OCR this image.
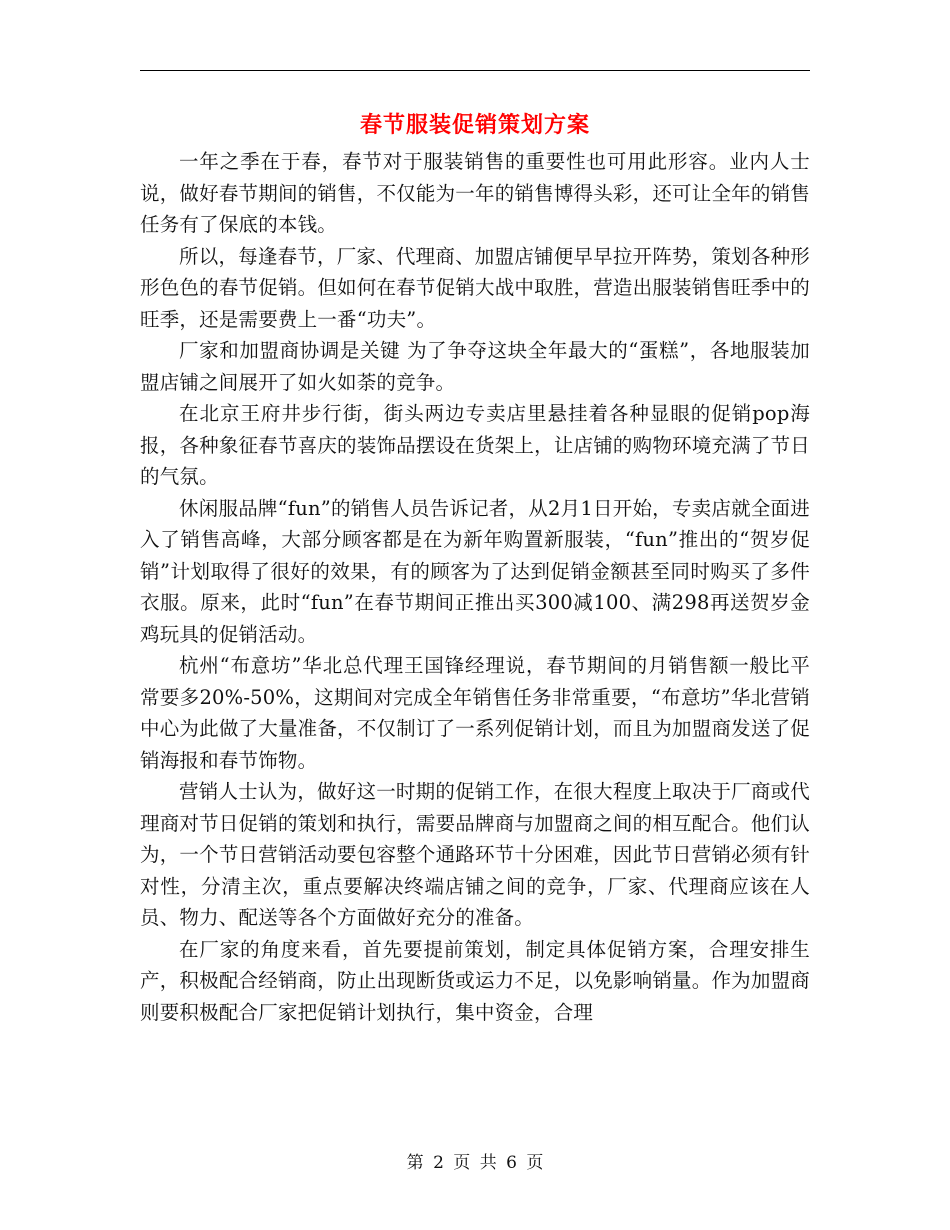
春节服装促销策划方案

一年之季在于春，春节对于服装销售的重要性也可用此形容。业内人士 说，做好春节期间的销售，不仅能为一年的销售博得头彩，还可让全年的销售任务有了保底的本钱。

所以，每逢春节，厂家、代理商、加盟店铺便早早拉开阵势，策划各种形形色色的春节促销。但如何在春节促销大战中取胜，营造出服装销售旺季中的旺季，还是需要费上一番“功夫”。

厂家和加盟商协调是关键 为了争夺这块全年最大的“蛋糕”，各地服装加盟店铺之间展开了如火如荼的竞争。

在北京王府井步行街，街头两边专卖店里悬挂着各种显眼的促销pop海报，各种象征春节喜庆的装饰品摆设在货架上，让店铺的购物环境充满了节日的气氛。

休闲服品牌“fun”的销售人员告诉记者，从2月1日开始，专卖店就全面进入了销售高峰，大部分顾客都是在为新年购置新服装，“fun”推出的“贺岁促销”计划取得了很好的效果，有的顾客为了达到促销金额甚至同时购买了多件衣服。原来，此时“fun”在春节期间正推出买300减100、满298再送贺岁金鸡玩具的促销活动。

杭州“布意坊”华北总代理王国锋经理说，春节期间的月销售额一般比平常要多20%-50%，这期间对完成全年销售任务非常重要，“布意坊”华北营销中心为此做了大量准备，不仅制订了一系列促销计划，而且为加盟商发送了促销海报和春节饰物。

营销人士认为，做好这一时期的促销工作，在很大程度上取决于厂商或代理商对节日促销的策划和执行，需要品牌商与加盟商之间的相互配合。他们认为，一个节日营销活动要包容整个通路环节十分困难，因此节日营销必须有针对性，分清主次，重点要解决终端店铺之间的竞争，厂家、代理商应该在人员、物力、配送等各个方面做好充分的准备。

在厂家的角度来看，首先要提前策划，制定具体促销方案，合理安排生产，积极配合经销商，防止出现断货或运力不足，以免影响销量。作为加盟商则要积极配合厂家把促销计划执行，集中资金，合理

第 2 页 共 6 页
